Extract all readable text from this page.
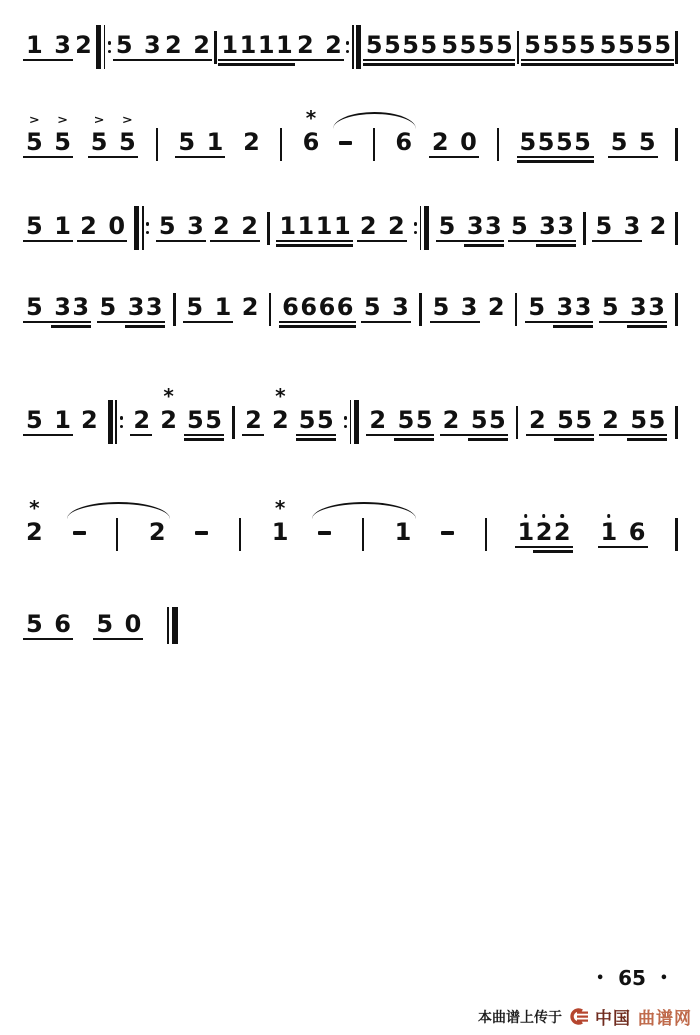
1 3 2 5 3 2 2 1 1 1 1 2 2 5 5 5 5 5 5 5 5 5 5 5 5 5 5 5 5
5
>
5
>
5
>
5
>
5 1 2 6
*
6 2 0 5 5 5 5 5 5
5 1 2 0 5 3 2 2 1 1 1 1 2 2 5 3 3 5 3 3 5 3 2
5 3 3 5 3 3 5 1 2 6 6 6 6 5 3 5 3 2 5 3 3 5 3 3
5 1 2 2 2
*
5 5 2 2
*
5 5 2 5 5 2 5 5 2 5 5 2 5 5
2
*
2	1
*
1	1 2 2 1 6
5 6 5 0
• 65 •
本曲谱上传于 中国 曲谱网
